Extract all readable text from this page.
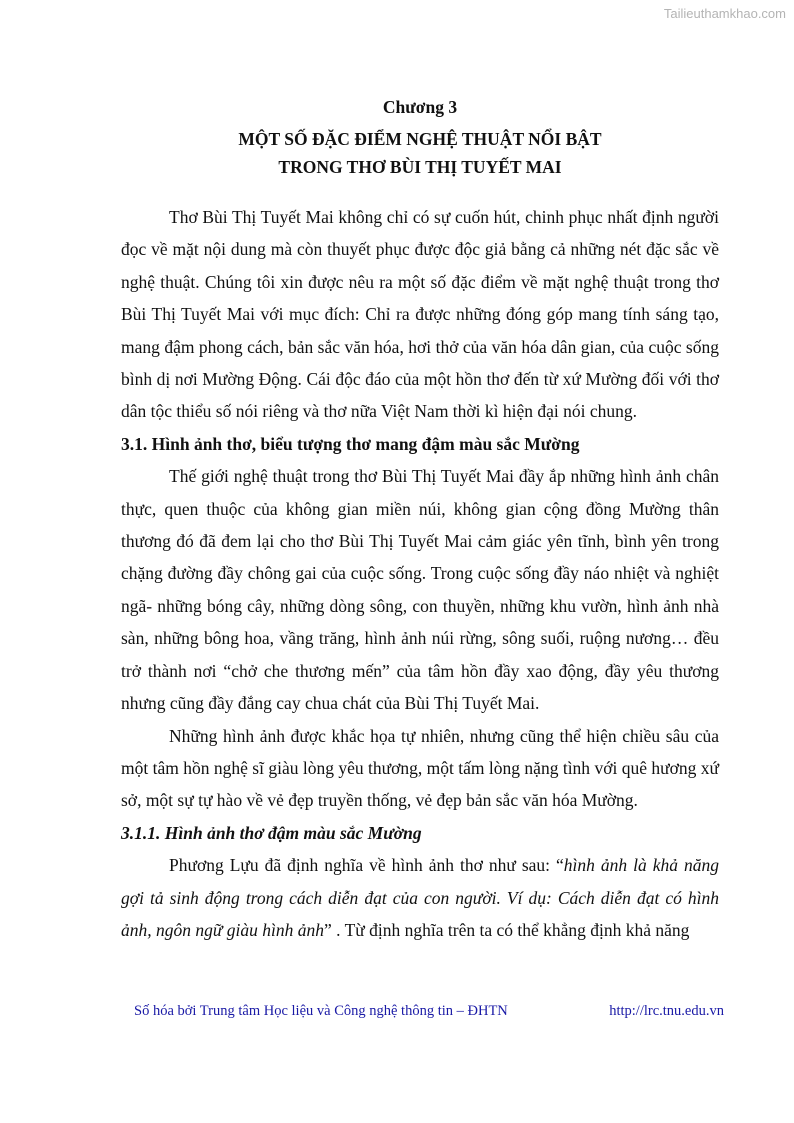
Tailieuthamkhao.com
Chương 3
MỘT SỐ ĐẶC ĐIỂM NGHỆ THUẬT NỔI BẬT
TRONG THƠ BÙI THỊ TUYẾT MAI

Thơ Bùi Thị Tuyết Mai không chỉ có sự cuốn hút, chinh phục nhất định người đọc về mặt nội dung mà còn thuyết phục được độc giả bằng cả những nét đặc sắc về nghệ thuật. Chúng tôi xin được nêu ra một số đặc điểm về mặt nghệ thuật trong thơ Bùi Thị Tuyết Mai với mục đích: Chỉ ra được những đóng góp mang tính sáng tạo, mang đậm phong cách, bản sắc văn hóa, hơi thở của văn hóa dân gian, của cuộc sống bình dị nơi Mường Động. Cái độc đáo của một hồn thơ đến từ xứ Mường đối với thơ dân tộc thiểu số nói riêng và thơ nữa Việt Nam thời kì hiện đại nói chung.

3.1. Hình ảnh thơ, biểu tượng thơ mang đậm màu sắc Mường

Thế giới nghệ thuật trong thơ Bùi Thị Tuyết Mai đầy ắp những hình ảnh chân thực, quen thuộc của không gian miền núi, không gian cộng đồng Mường thân thương đó đã đem lại cho thơ Bùi Thị Tuyết Mai cảm giác yên tĩnh, bình yên trong chặng đường đầy chông gai của cuộc sống. Trong cuộc sống đầy náo nhiệt và nghiệt ngã- những bóng cây, những dòng sông, con thuyền, những khu vườn, hình ảnh nhà sàn, những bông hoa, vầng trăng, hình ảnh núi rừng, sông suối, ruộng nương… đều trở thành nơi “chở che thương mến” của tâm hồn đầy xao động, đầy yêu thương nhưng cũng đầy đắng cay chua chát của Bùi Thị Tuyết Mai.

Những hình ảnh được khắc họa tự nhiên, nhưng cũng thể hiện chiều sâu của một tâm hồn nghệ sĩ giàu lòng yêu thương, một tấm lòng nặng tình với quê hương xứ sở, một sự tự hào về vẻ đẹp truyền thống, vẻ đẹp bản sắc văn hóa Mường.

3.1.1. Hình ảnh thơ đậm màu sắc Mường

Phương Lựu đã định nghĩa về hình ảnh thơ như sau: “hình ảnh là khả năng gợi tả sinh động trong cách diễn đạt của con người. Ví dụ: Cách diễn đạt có hình ảnh, ngôn ngữ giàu hình ảnh” . Từ định nghĩa trên ta có thể khẳng định khả năng

Số hóa bởi Trung tâm Học liệu và Công nghệ thông tin – ĐHTN	http://lrc.tnu.edu.vn
